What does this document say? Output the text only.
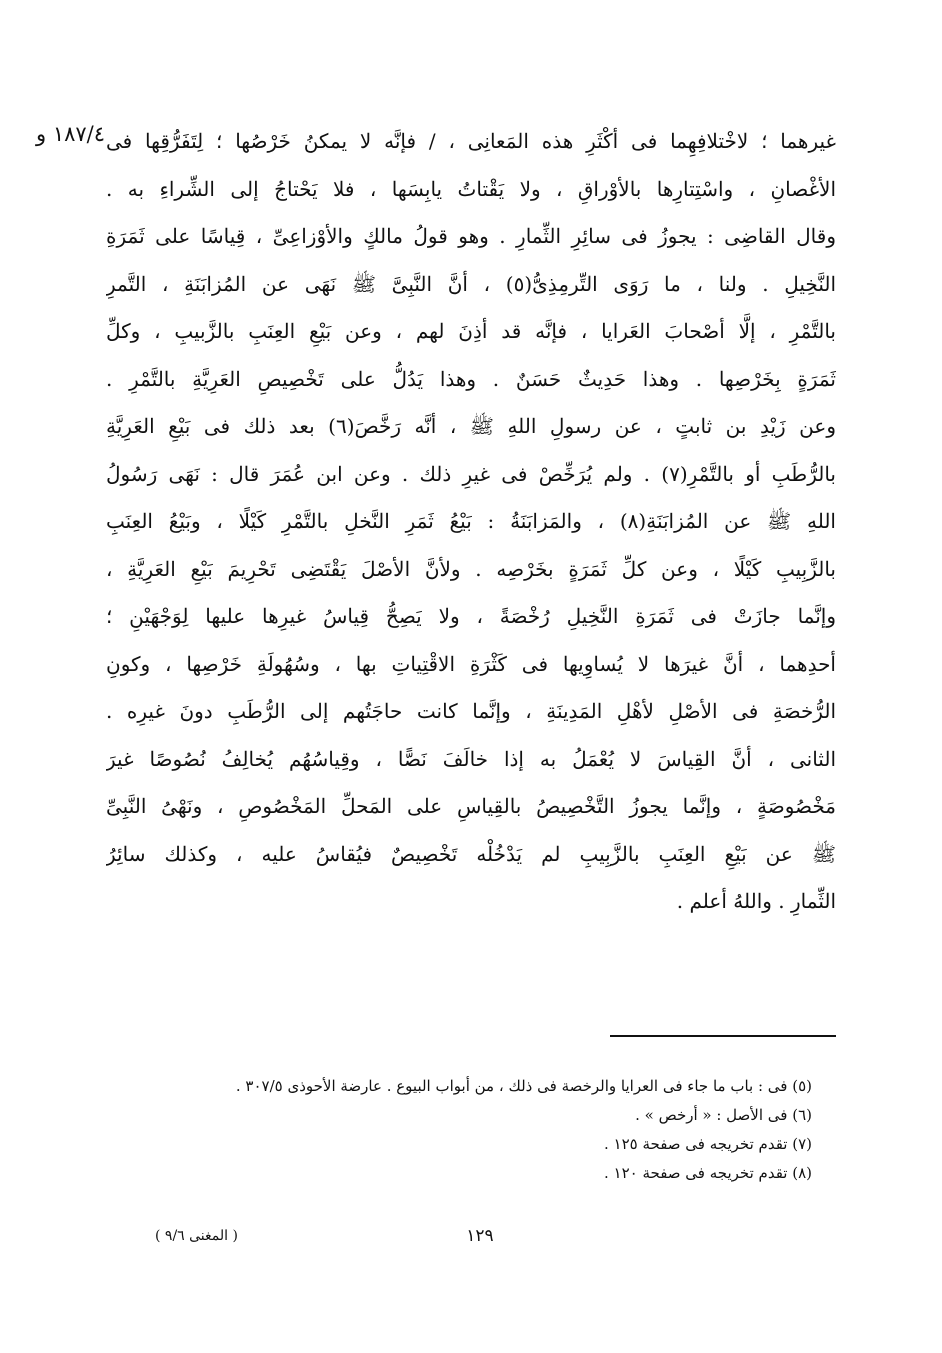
١٨٧/٤ و غيرهما ؛ لاخْتلافِهِما فى أكْثَرِ هذه المَعانِى ، / فإنَّه لا يمكنُ خَرْصُها ؛ لِتَفَرُّقِها فى
الأغْصانِ ، واسْتِتارِها بالأوْراقِ ، ولا يَقْتاتُ يابِسَها ، فلا يَحْتاجُ إلى الشِّراءِ به .
وقال القاضِى : يجوزُ فى سائِرِ الثِّمارِ . وهو قولُ مالكٍ والأوْزاعِىِّ ، قِياسًا على ثَمَرَةِ
النَّخِيلِ . ولنا ، ما رَوَى التِّرمِذِىُّ(٥) ، أنَّ النَّبِىَّ ﷺ نَهَى عن المُزابَنَةِ ، التَّمرِ
بالتَّمْرِ ، إلَّا أصْحابَ العَرايا ، فإنَّه قد أذِنَ لهم ، وعن بَيْعِ العِنَبِ بالزَّبيبِ ، وكلِّ
ثَمَرَةٍ بِخَرْصِها . وهذا حَدِيثٌ حَسَنٌ . وهذا يَدُلُّ على تَخْصِيصِ العَرِيَّةِ بالتَّمْرِ .
وعن زَيْدِ بن ثابتٍ ، عن رسولِ اللهِ ﷺ ، أنَّه رَخَّصَ(٦) بعد ذلك فى بَيْعِ العَرِيَّةِ
بالرُّطَبِ أو بالتَّمْرِ(٧) . ولم يُرَخِّصْ فى غيرِ ذلك . وعن ابن عُمَرَ قال : نَهَى رَسُولُ
اللهِ ﷺ عن المُزابَنَةِ(٨) ، والمَزابَنَةُ : بَيْعُ ثَمَرِ النَّخلِ بالتَّمْرِ كَيْلًا ، وبَيْعُ العِنَبِ
بالزَّبِيبِ كَيْلًا ، وعن كلِّ ثَمَرَةٍ بخَرْصِه . ولأنَّ الأصْلَ يَقْتَضِى تَحْرِيمَ بَيْعِ العَرِيَّةِ ،
وإنَّما جازَتْ فى ثَمَرَةِ النَّخِيلِ رُخْصَةً ، ولا يَصِحُّ قِياسُ غيرِها عليها لِوَجْهَيْنِ ؛
أحدِهما ، أنَّ غيرَها لا يُساوِيها فى كَثْرَةِ الاقْتِياتِ بها ، وسُهُولَةِ خَرْصِها ، وكونِ
الرُّخصَةِ فى الأصْلِ لأهْلِ المَدِينَةِ ، وإنَّما كانت حاجَتُهم إلى الرُّطَبِ دونَ غيرِه .
الثانى ، أنَّ القِياسَ لا يُعْمَلُ به إذا خالَفَ نَصًّا ، وقِياسُهُم يُخالِفُ نُصُوصًا غيرَ
مَخْصُوصَةٍ ، وإنَّما يجوزُ التَّخْصِيصُ بالقِياسِ على المَحلِّ المَخْصُوصِ ، ونَهْىُ النَّبِىِّ
ﷺ عن بَيْعِ العِنَبِ بالزَّبِيبِ لم يَدْخُلْه تَخْصِيصٌ فيُقاسُ عليه ، وكذلك سائِرُ
الثِّمارِ . واللهُ أعلم .
(٥) فى : باب ما جاء فى العرايا والرخصة فى ذلك ، من أبواب البيوع . عارضة الأحوذى ٣٠٧/٥ .
(٦) فى الأصل : « أرخص » .
(٧) تقدم تخريجه فى صفحة ١٢٥ .
(٨) تقدم تخريجه فى صفحة ١٢٠ .
١٢٩
( المغنى ٩/٦ )
